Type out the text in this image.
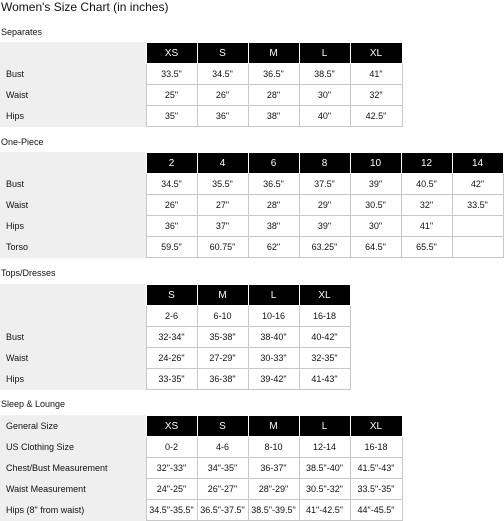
Women's Size Chart (in inches)
Separates
	XS	S	M	L	XL
Bust	33.5"	34.5"	36.5"	38.5"	41"
Waist	25"	26"	28"	30"	32"
Hips	35"	36"	38"	40"	42.5"
One-Piece
	2	4	6	8	10	12	14
Bust	34.5"	35.5"	36.5"	37.5"	39"	40.5"	42"
Waist	26"	27"	28"	29"	30.5"	32"	33.5"
Hips	36"	37"	38"	39"	30"	41"	
Torso	59.5"	60.75"	62"	63.25"	64.5"	65.5"	
Tops/Dresses
	S	M	L	XL
	2-6	6-10	10-16	16-18
Bust	32-34"	35-38"	38-40"	40-42"
Waist	24-26"	27-29"	30-33"	32-35"
Hips	33-35"	36-38"	39-42"	41-43"
Sleep & Lounge
General Size	XS	S	M	L	XL
US Clothing Size	0-2	4-6	8-10	12-14	16-18
Chest/Bust Measurement	32"-33"	34"-35"	36-37"	38.5"-40"	41.5"-43"
Waist Measurement	24"-25"	26"-27"	28"-29"	30.5"-32"	33.5"-35"
Hips (8" from waist)	34.5"-35.5"	36.5"-37.5"	38.5"-39.5"	41"-42.5"	44"-45.5"
